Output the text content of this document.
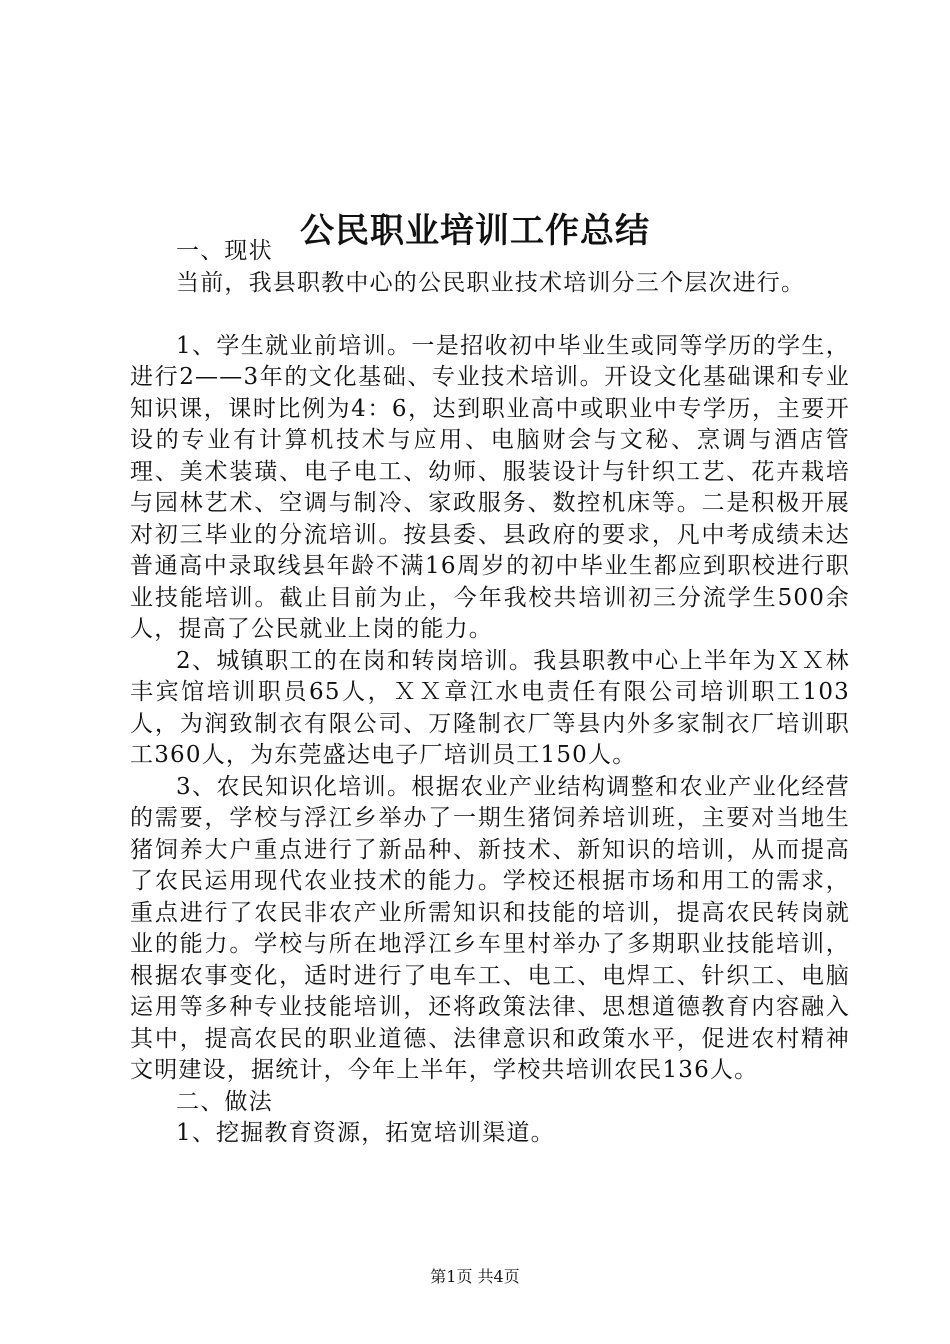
公民职业培训工作总结

一、现状

当前，我县职教中心的公民职业技术培训分三个层次进行。

1、学生就业前培训。一是招收初中毕业生或同等学历的学生，进行2——3年的文化基础、专业技术培训。开设文化基础课和专业知识课，课时比例为4：6，达到职业高中或职业中专学历，主要开设的专业有计算机技术与应用、电脑财会与文秘、烹调与酒店管理、美术装璜、电子电工、幼师、服装设计与针织工艺、花卉栽培与园林艺术、空调与制冷、家政服务、数控机床等。二是积极开展对初三毕业的分流培训。按县委、县政府的要求，凡中考成绩未达普通高中录取线县年龄不满16周岁的初中毕业生都应到职校进行职业技能培训。截止目前为止，今年我校共培训初三分流学生500余人，提高了公民就业上岗的能力。

2、城镇职工的在岗和转岗培训。我县职教中心上半年为ＸＸ林丰宾馆培训职员65人，ＸＸ章江水电责任有限公司培训职工103人，为润致制衣有限公司、万隆制衣厂等县内外多家制衣厂培训职工360人，为东莞盛达电子厂培训员工150人。

3、农民知识化培训。根据农业产业结构调整和农业产业化经营的需要，学校与浮江乡举办了一期生猪饲养培训班，主要对当地生猪饲养大户重点进行了新品种、新技术、新知识的培训，从而提高了农民运用现代农业技术的能力。学校还根据市场和用工的需求，重点进行了农民非农产业所需知识和技能的培训，提高农民转岗就业的能力。学校与所在地浮江乡车里村举办了多期职业技能培训，根据农事变化，适时进行了电车工、电工、电焊工、针织工、电脑运用等多种专业技能培训，还将政策法律、思想道德教育内容融入其中，提高农民的职业道德、法律意识和政策水平，促进农村精神文明建设，据统计，今年上半年，学校共培训农民136人。

二、做法

1、挖掘教育资源，拓宽培训渠道。

第1页 共4页
